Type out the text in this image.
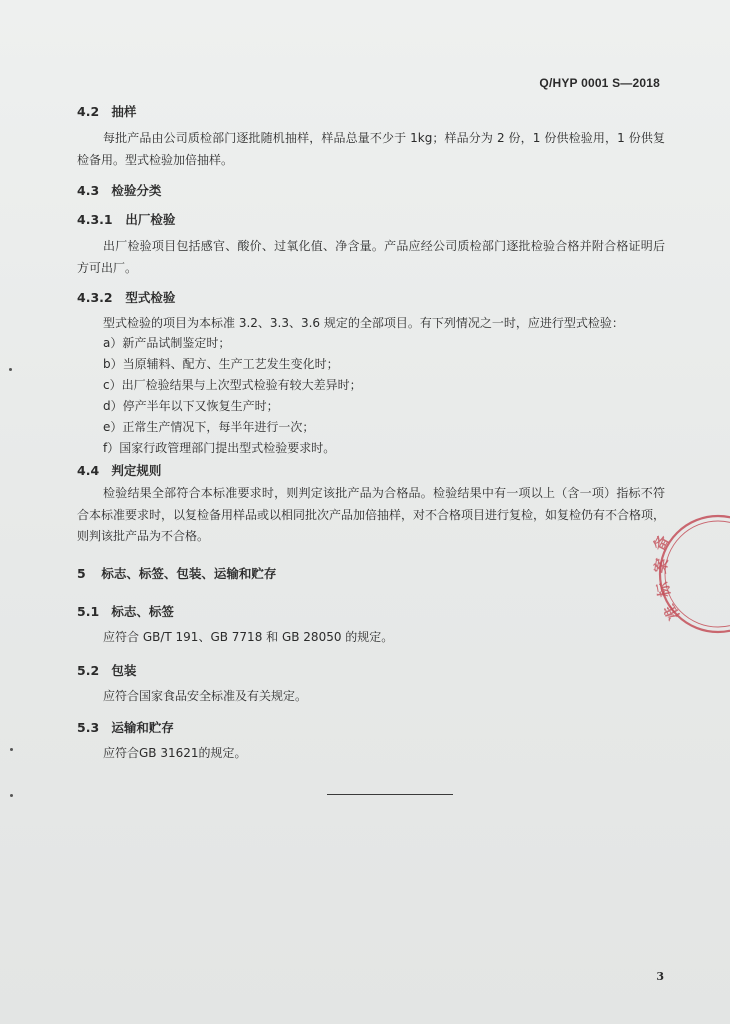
Q/HYP 0001 S—2018
4.2 抽样
每批产品由公司质检部门逐批随机抽样，样品总量不少于 1kg；样品分为 2 份，1 份供检验用，1 份供复检备用。型式检验加倍抽样。
4.3 检验分类
4.3.1 出厂检验
出厂检验项目包括感官、酸价、过氧化值、净含量。产品应经公司质检部门逐批检验合格并附合格证明后方可出厂。
4.3.2 型式检验
型式检验的项目为本标准 3.2、3.3、3.6 规定的全部项目。有下列情况之一时，应进行型式检验：
a）新产品试制鉴定时；
b）当原辅料、配方、生产工艺发生变化时；
c）出厂检验结果与上次型式检验有较大差异时；
d）停产半年以下又恢复生产时；
e）正常生产情况下，每半年进行一次；
f）国家行政管理部门提出型式检验要求时。
4.4 判定规则
检验结果全部符合本标准要求时，则判定该批产品为合格品。检验结果中有一项以上（含一项）指标不符合本标准要求时，以复检备用样品或以相同批次产品加倍抽样，对不合格项目进行复检，如复检仍有不合格项，则判该批产品为不合格。
5 标志、标签、包装、运输和贮存
5.1 标志、标签
应符合 GB/T 191、GB 7718 和 GB 28050 的规定。
5.2 包装
应符合国家食品安全标准及有关规定。
5.3 运输和贮存
应符合GB 31621的规定。
3
备
案
标
准
